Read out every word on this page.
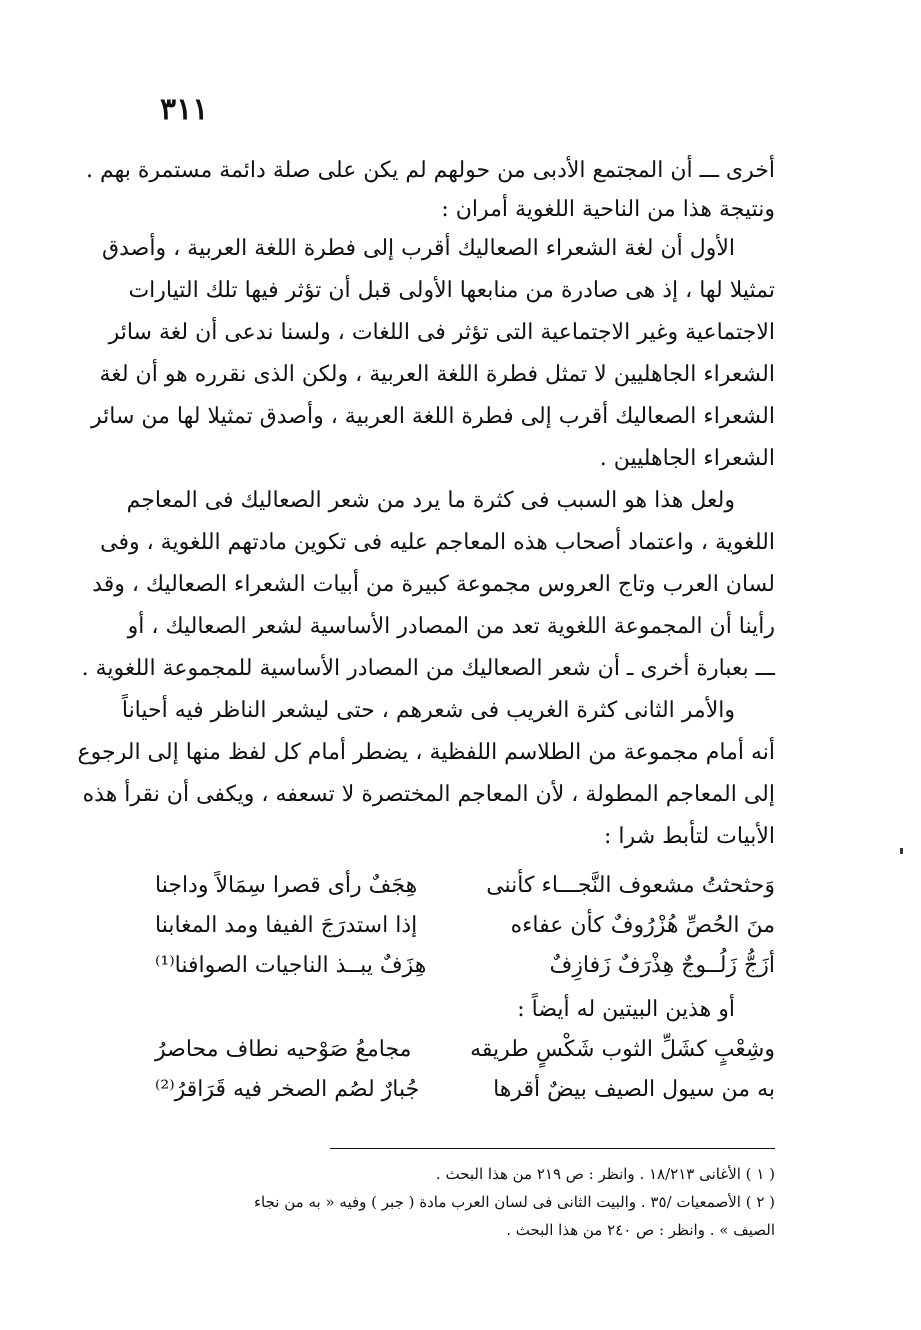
٣١١
أخرى ـــ أن المجتمع الأدبى من حولهم لم يكن على صلة دائمة مستمرة بهم .
ونتيجة هذا من الناحية اللغوية أمران :
الأول أن لغة الشعراء الصعاليك أقرب إلى فطرة اللغة العربية ، وأصدق
تمثيلا لها ، إذ هى صادرة من منابعها الأولى قبل أن تؤثر فيها تلك التيارات
الاجتماعية وغير الاجتماعية التى تؤثر فى اللغات ، ولسنا ندعى أن لغة سائر
الشعراء الجاهليين لا تمثل فطرة اللغة العربية ، ولكن الذى نقرره هو أن لغة
الشعراء الصعاليك أقرب إلى فطرة اللغة العربية ، وأصدق تمثيلا لها من سائر
الشعراء الجاهليين .
ولعل هذا هو السبب فى كثرة ما يرد من شعر الصعاليك فى المعاجم
اللغوية ، واعتماد أصحاب هذه المعاجم عليه فى تكوين مادتهم اللغوية ، وفى
لسان العرب وتاج العروس مجموعة كبيرة من أبيات الشعراء الصعاليك ، وقد
رأينا أن المجموعة اللغوية تعد من المصادر الأساسية لشعر الصعاليك ، أو
ـــ بعبارة أخرى ـ أن شعر الصعاليك من المصادر الأساسية للمجموعة اللغوية .
والأمر الثانى كثرة الغريب فى شعرهم ، حتى ليشعر الناظر فيه أحياناً
أنه أمام مجموعة من الطلاسم اللفظية ، يضطر أمام كل لفظ منها إلى الرجوع
إلى المعاجم المطولة ، لأن المعاجم المختصرة لا تسعفه ، ويكفى أن نقرأ هذه
الأبيات لتأبط شرا :
وَحثحثتُ مشعوف النَّجـــاء كأننى
هِجَفٌ رأى قصرا سِمَالاً وداجنا
منَ الحُصِّ هُزْرُوفٌ كأن عفاءه
إذا استدرَجَ الفيفا ومد المغابنا
أزَجُّ زَلُــوجٌ هِذْرَفٌ زَفازِفٌ
هِزَفٌ يبــذ الناجيات الصوافنا⁽¹⁾
أو هذين البيتين له أيضاً :
وشِعْبٍ كشَلِّ الثوب شَكْسٍ طريقه
مجامعُ صَوْحيه نطاف محاصرُ
به من سيول الصيف بيضٌ أقرها
جُبارٌ لصُم الصخر فيه قَرَاقرُ⁽²⁾
( ١ ) الأغانى ١٨/٢١٣ . وانظر : ص ٢١٩ من هذا البحث .
( ٢ ) الأصمعيات /٣٥ . والبيت الثانى فى لسان العرب مادة ( جبر ) وفيه « به من نجاء
الصيف » . وانظر : ص ٢٤٠ من هذا البحث .
